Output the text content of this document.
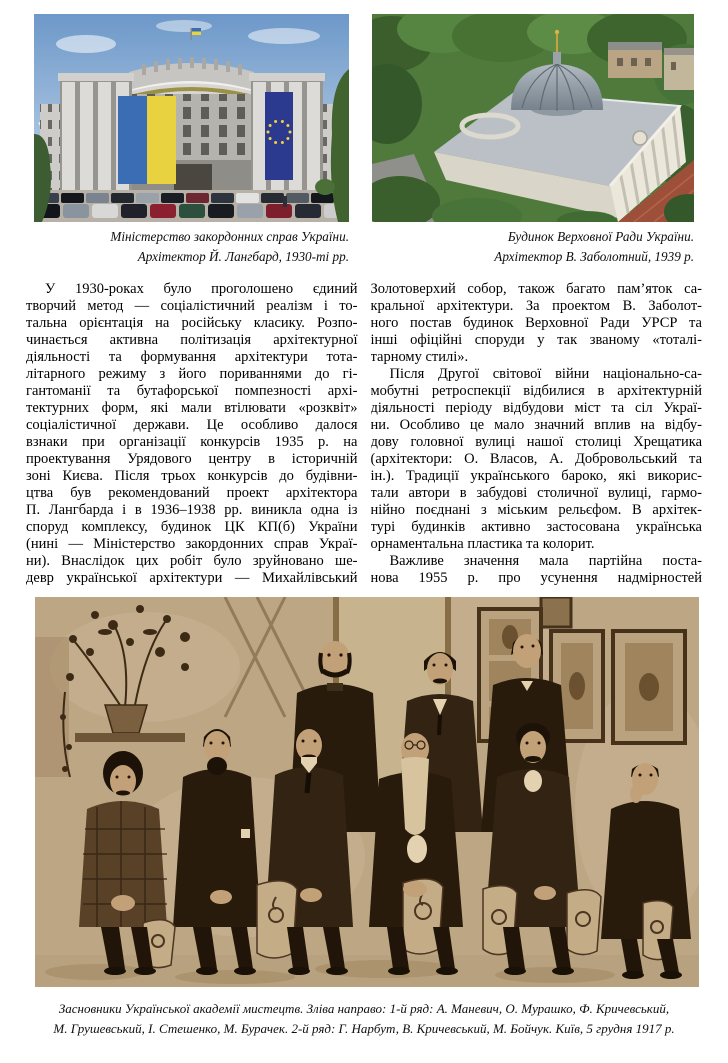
Міністерство закордонних справ України.
Архітектор Й. Лангбард, 1930-ті рр.
Будинок Верховної Ради України.
Архітектор В. Заболотний, 1939 р.
У 1930-роках було проголошено єдиний
творчий метод — соціалістичний реалізм і то-
тальна орієнтація на російську класику. Розпо-
чинається активна політизація архітектурної
діяльності та формування архітектури тота-
літарного режиму з його пориваннями до гі-
гантоманії та бутафорської помпезності архі-
тектурних форм, які мали втілювати «розквіт»
соціалістичної держави. Це особливо далося
взнаки при організації конкурсів 1935 р. на
проектування Урядового центру в історичній
зоні Києва. Після трьох конкурсів до будівни-
цтва був рекомендований проект архітектора
П. Лангбарда і в 1936–1938 рр. виникла одна із
споруд комплексу, будинок ЦК КП(б) України
(нині — Міністерство закордонних справ Украї-
ни). Внаслідок цих робіт було зруйновано ше-
девр української архітектури — Михайлівський
Золотоверхий собор, також багато пам’яток са-
кральної архітектури. За проектом В. Заболот-
ного постав будинок Верховної Ради УРСР та
інші офіційні споруди у так званому «тоталі-
тарному стилі».
Після Другої світової війни національно-са-
мобутні ретроспекції відбилися в архітектурній
діяльності періоду відбудови міст та сіл Украї-
ни. Особливо це мало значний вплив на відбу-
дову головної вулиці нашої столиці Хрещатика
(архітектори: О. Власов, А. Добровольський та
ін.). Традиції українського бароко, які викорис-
тали автори в забудові столичної вулиці, гармо-
нійно поєднані з міським рельєфом. В архітек-
турі будинків активно застосована українська
орнаментальна пластика та колорит.
Важливе значення мала партійна поста-
нова 1955 р. про усунення надмірностей
Засновники Української академії мистецтв. Зліва направо: 1-й ряд: А. Маневич, О. Мурашко, Ф. Кричевський,
М. Грушевський, І. Стешенко, М. Бурачек. 2-й ряд: Г. Нарбут, В. Кричевський, М. Бойчук. Київ, 5 грудня 1917 р.
